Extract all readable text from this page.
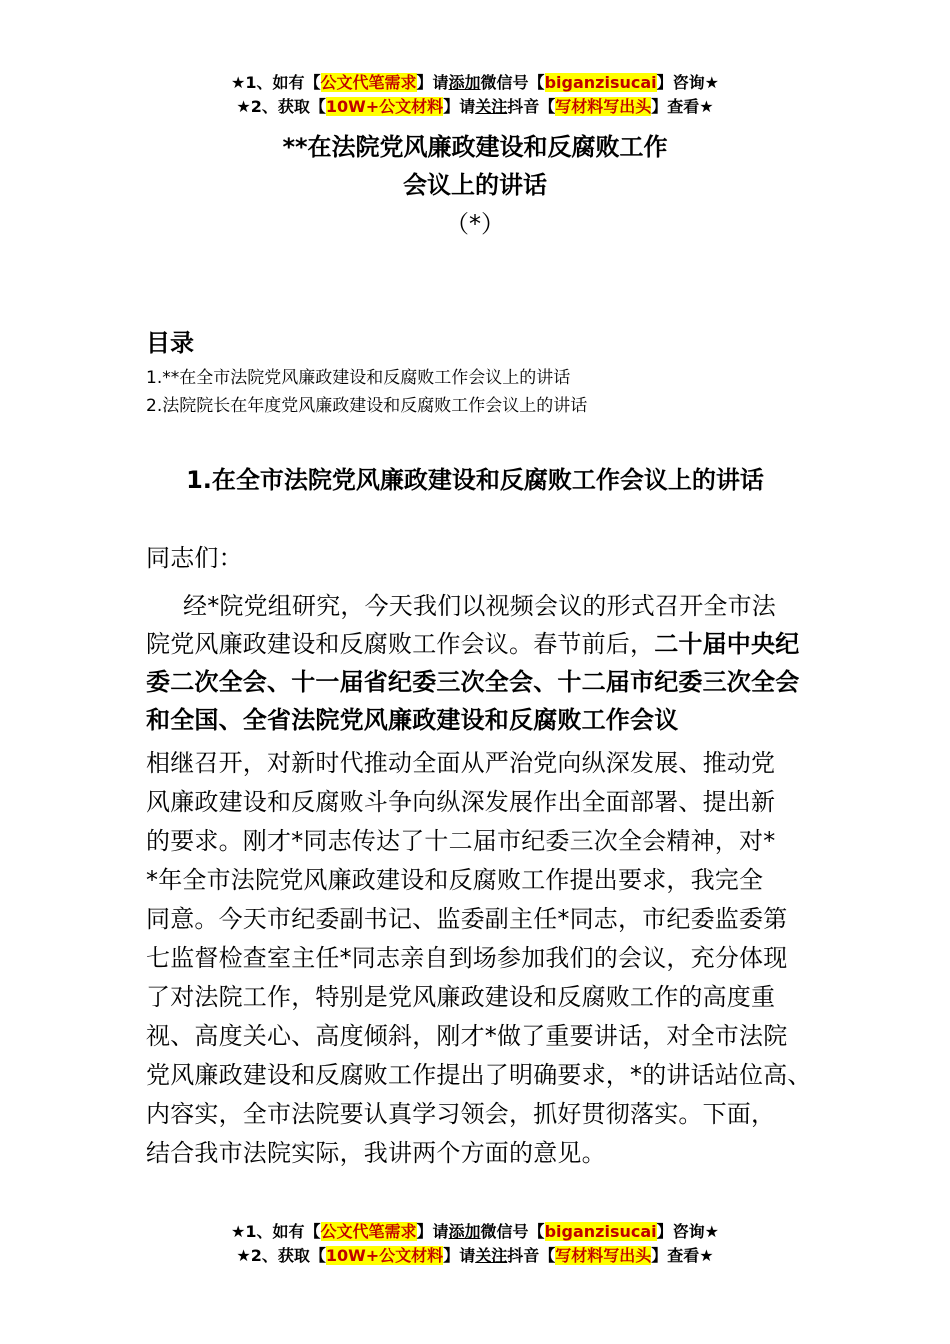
★1、如有【公文代笔需求】请添加微信号【biganzisucai】咨询★
★2、获取【10W+公文材料】请关注抖音【写材料写出头】查看★
**在法院党风廉政建设和反腐败工作
会议上的讲话
（*）
目录
1.**在全市法院党风廉政建设和反腐败工作会议上的讲话
2.法院院长在年度党风廉政建设和反腐败工作会议上的讲话
1.在全市法院党风廉政建设和反腐败工作会议上的讲话
同志们：
经*院党组研究，今天我们以视频会议的形式召开全市法
院党风廉政建设和反腐败工作会议。春节前后，二十届中央纪
委二次全会、十一届省纪委三次全会、十二届市纪委三次全会
和全国、全省法院党风廉政建设和反腐败工作会议
相继召开，对新时代推动全面从严治党向纵深发展、推动党
风廉政建设和反腐败斗争向纵深发展作出全面部署、提出新
的要求。刚才*同志传达了十二届市纪委三次全会精神，对*
*年全市法院党风廉政建设和反腐败工作提出要求，我完全
同意。今天市纪委副书记、监委副主任*同志，市纪委监委第
七监督检查室主任*同志亲自到场参加我们的会议，充分体现
了对法院工作，特别是党风廉政建设和反腐败工作的高度重
视、高度关心、高度倾斜，刚才*做了重要讲话，对全市法院
党风廉政建设和反腐败工作提出了明确要求，*的讲话站位高、
内容实，全市法院要认真学习领会，抓好贯彻落实。下面，
结合我市法院实际，我讲两个方面的意见。
★1、如有【公文代笔需求】请添加微信号【biganzisucai】咨询★
★2、获取【10W+公文材料】请关注抖音【写材料写出头】查看★
